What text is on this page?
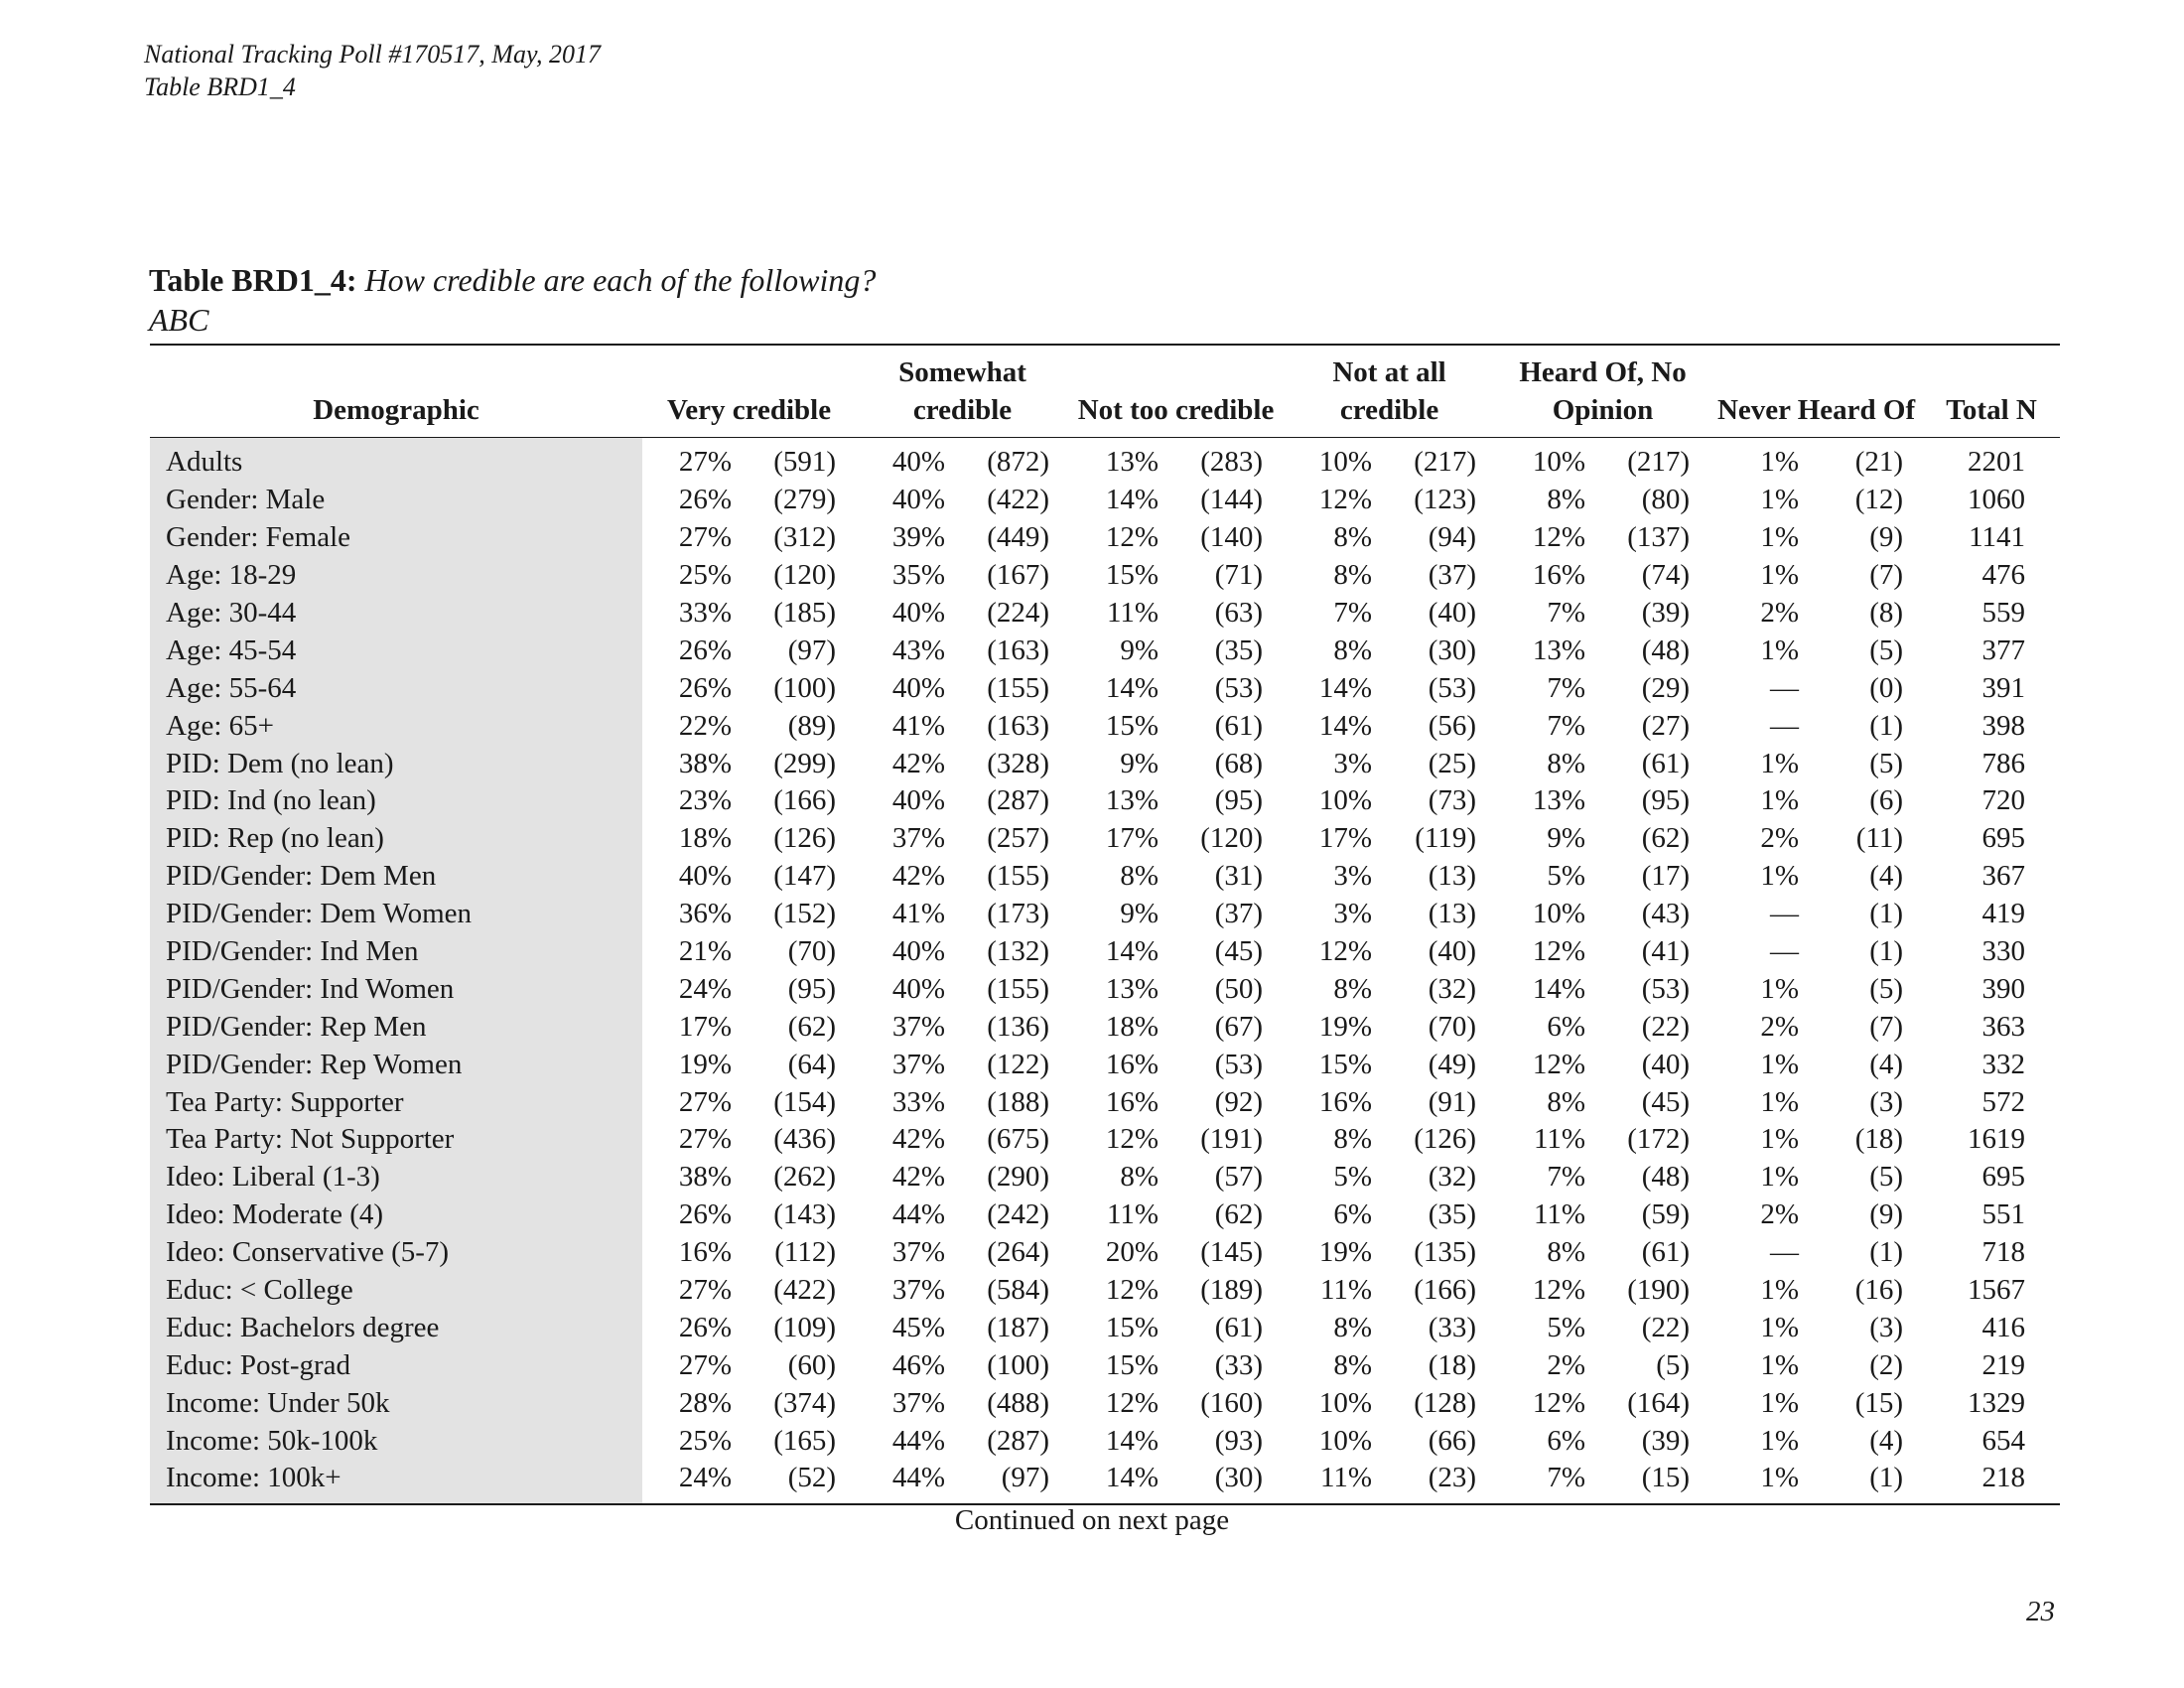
National Tracking Poll #170517, May, 2017
Table BRD1_4
Table BRD1_4: How credible are each of the following?
ABC
Demographic	Very credible		Somewhat credible		Not too credible		Not at all credible		Heard Of, No Opinion		Never Heard Of		Total N
Adults	27%	(591)	40%	(872)	13%	(283)	10%	(217)	10%	(217)	1%	(21)	2201
Gender: Male	26%	(279)	40%	(422)	14%	(144)	12%	(123)	8%	(80)	1%	(12)	1060
Gender: Female	27%	(312)	39%	(449)	12%	(140)	8%	(94)	12%	(137)	1%	(9)	1141
Age: 18-29	25%	(120)	35%	(167)	15%	(71)	8%	(37)	16%	(74)	1%	(7)	476
Age: 30-44	33%	(185)	40%	(224)	11%	(63)	7%	(40)	7%	(39)	2%	(8)	559
Age: 45-54	26%	(97)	43%	(163)	9%	(35)	8%	(30)	13%	(48)	1%	(5)	377
Age: 55-64	26%	(100)	40%	(155)	14%	(53)	14%	(53)	7%	(29)	—	(0)	391
Age: 65+	22%	(89)	41%	(163)	15%	(61)	14%	(56)	7%	(27)	—	(1)	398
PID: Dem (no lean)	38%	(299)	42%	(328)	9%	(68)	3%	(25)	8%	(61)	1%	(5)	786
PID: Ind (no lean)	23%	(166)	40%	(287)	13%	(95)	10%	(73)	13%	(95)	1%	(6)	720
PID: Rep (no lean)	18%	(126)	37%	(257)	17%	(120)	17%	(119)	9%	(62)	2%	(11)	695
PID/Gender: Dem Men	40%	(147)	42%	(155)	8%	(31)	3%	(13)	5%	(17)	1%	(4)	367
PID/Gender: Dem Women	36%	(152)	41%	(173)	9%	(37)	3%	(13)	10%	(43)	—	(1)	419
PID/Gender: Ind Men	21%	(70)	40%	(132)	14%	(45)	12%	(40)	12%	(41)	—	(1)	330
PID/Gender: Ind Women	24%	(95)	40%	(155)	13%	(50)	8%	(32)	14%	(53)	1%	(5)	390
PID/Gender: Rep Men	17%	(62)	37%	(136)	18%	(67)	19%	(70)	6%	(22)	2%	(7)	363
PID/Gender: Rep Women	19%	(64)	37%	(122)	16%	(53)	15%	(49)	12%	(40)	1%	(4)	332
Tea Party: Supporter	27%	(154)	33%	(188)	16%	(92)	16%	(91)	8%	(45)	1%	(3)	572
Tea Party: Not Supporter	27%	(436)	42%	(675)	12%	(191)	8%	(126)	11%	(172)	1%	(18)	1619
Ideo: Liberal (1-3)	38%	(262)	42%	(290)	8%	(57)	5%	(32)	7%	(48)	1%	(5)	695
Ideo: Moderate (4)	26%	(143)	44%	(242)	11%	(62)	6%	(35)	11%	(59)	2%	(9)	551
Ideo: Conservative (5-7)	16%	(112)	37%	(264)	20%	(145)	19%	(135)	8%	(61)	—	(1)	718
Educ: < College	27%	(422)	37%	(584)	12%	(189)	11%	(166)	12%	(190)	1%	(16)	1567
Educ: Bachelors degree	26%	(109)	45%	(187)	15%	(61)	8%	(33)	5%	(22)	1%	(3)	416
Educ: Post-grad	27%	(60)	46%	(100)	15%	(33)	8%	(18)	2%	(5)	1%	(2)	219
Income: Under 50k	28%	(374)	37%	(488)	12%	(160)	10%	(128)	12%	(164)	1%	(15)	1329
Income: 50k-100k	25%	(165)	44%	(287)	14%	(93)	10%	(66)	6%	(39)	1%	(4)	654
Income: 100k+	24%	(52)	44%	(97)	14%	(30)	11%	(23)	7%	(15)	1%	(1)	218
Continued on next page
23
